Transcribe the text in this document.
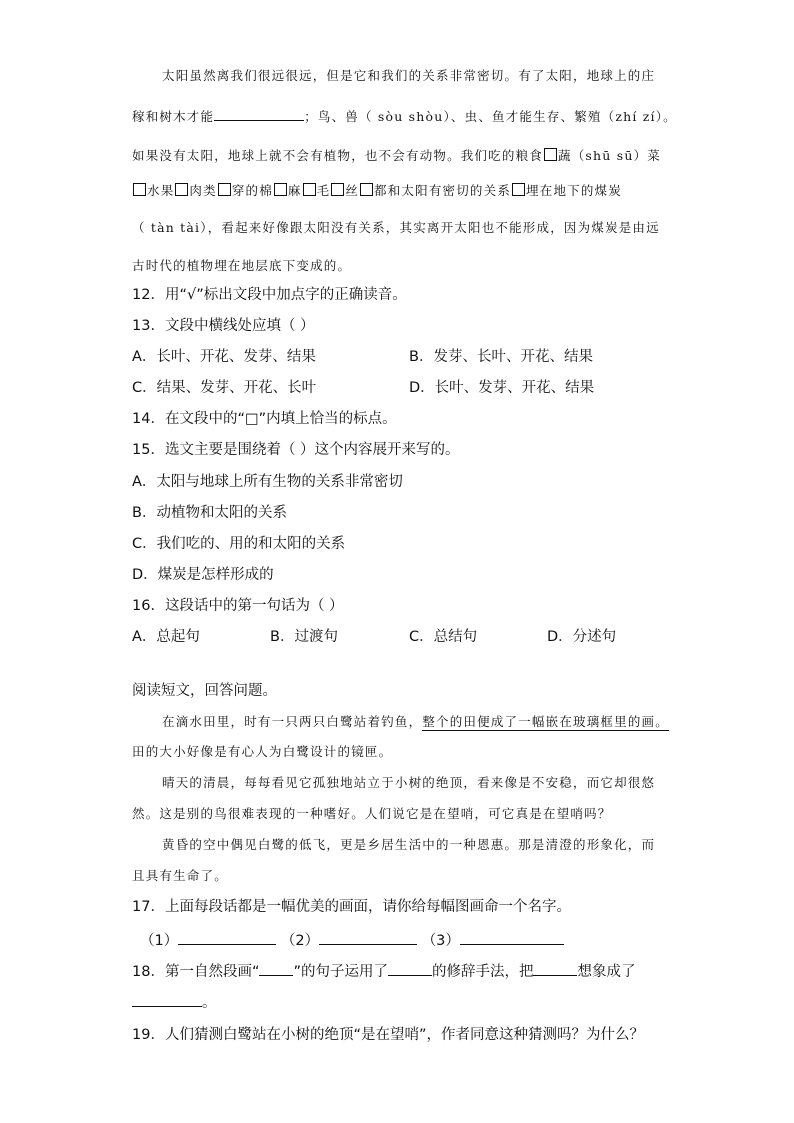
太阳虽然离我们很远很远，但是它和我们的关系非常密切。有了太阳，地球上的庄
稼和树木才能	；鸟、兽（ sòu shòu）、虫、鱼才能生存、繁殖（zhí zí）。
如果没有太阳，地球上就不会有植物，也不会有动物。我们吃的粮食 蔬（shū sū）菜
水果 肉类 穿的棉 麻 毛 丝 都和太阳有密切的关系 埋在地下的煤炭
（ tàn tài），看起来好像跟太阳没有关系，其实离开太阳也不能形成，因为煤炭是由远
古时代的植物埋在地层底下变成的。
12．用“√”标出文段中加点字的正确读音。
13．文段中横线处应填（ ）
A．长叶、开花、发芽、结果	B．发芽、长叶、开花、结果
C．结果、发芽、开花、长叶	D．长叶、发芽、开花、结果
14．在文段中的“□”内填上恰当的标点。
15．选文主要是围绕着（ ）这个内容展开来写的。
A．太阳与地球上所有生物的关系非常密切
B．动植物和太阳的关系
C．我们吃的、用的和太阳的关系
D．煤炭是怎样形成的
16．这段话中的第一句话为（ ）
A．总起句	B．过渡句	C．总结句	D．分述句
阅读短文，回答问题。
在滴水田里，时有一只两只白鹭站着钓鱼，整个的田便成了一幅嵌在玻璃框里的画。
田的大小好像是有心人为白鹭设计的镜匣。
晴天的清晨，每每看见它孤独地站立于小树的绝顶，看来像是不安稳，而它却很悠
然。这是别的鸟很难表现的一种嗜好。人们说它是在望哨，可它真是在望哨吗？
黄昏的空中偶见白鹭的低飞，更是乡居生活中的一种恩惠。那是清澄的形象化，而
且具有生命了。
17．上面每段话都是一幅优美的画面，请你给每幅图画命一个名字。
（1）	（2）	（3）
18．第一自然段画“ ”的句子运用了	的修辞手法，把	想象成了
。
19．人们猜测白鹭站在小树的绝顶“是在望哨”，作者同意这种猜测吗？为什么？
